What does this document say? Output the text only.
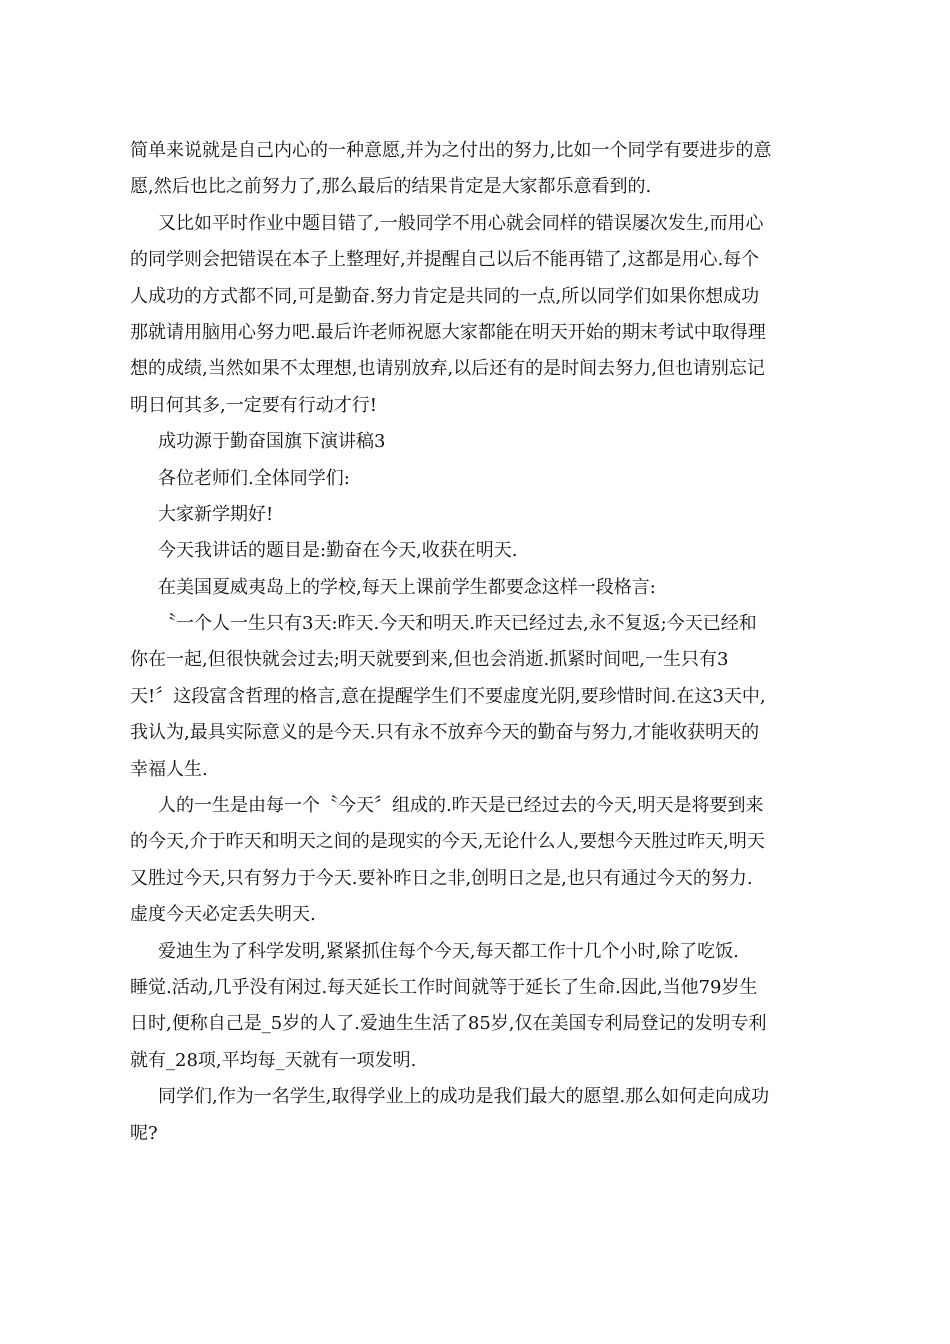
简单来说就是自己内心的一种意愿,并为之付出的努力,比如一个同学有要进步的意
愿,然后也比之前努力了,那么最后的结果肯定是大家都乐意看到的.
又比如平时作业中题目错了,一般同学不用心就会同样的错误屡次发生,而用心
的同学则会把错误在本子上整理好,并提醒自己以后不能再错了,这都是用心.每个
人成功的方式都不同,可是勤奋.努力肯定是共同的一点,所以同学们如果你想成功
那就请用脑用心努力吧.最后许老师祝愿大家都能在明天开始的期末考试中取得理
想的成绩,当然如果不太理想,也请别放弃,以后还有的是时间去努力,但也请别忘记
明日何其多,一定要有行动才行!
成功源于勤奋国旗下演讲稿3
各位老师们.全体同学们:
大家新学期好!
今天我讲话的题目是:勤奋在今天,收获在明天.
在美国夏威夷岛上的学校,每天上课前学生都要念这样一段格言:
〝一个人一生只有3天:昨天.今天和明天.昨天已经过去,永不复返;今天已经和
你在一起,但很快就会过去;明天就要到来,但也会消逝.抓紧时间吧,一生只有3
天!〞这段富含哲理的格言,意在提醒学生们不要虚度光阴,要珍惜时间.在这3天中,
我认为,最具实际意义的是今天.只有永不放弃今天的勤奋与努力,才能收获明天的
幸福人生.
人的一生是由每一个〝今天〞组成的.昨天是已经过去的今天,明天是将要到来
的今天,介于昨天和明天之间的是现实的今天,无论什么人,要想今天胜过昨天,明天
又胜过今天,只有努力于今天.要补昨日之非,创明日之是,也只有通过今天的努力.
虚度今天必定丢失明天.
爱迪生为了科学发明,紧紧抓住每个今天,每天都工作十几个小时,除了吃饭.
睡觉.活动,几乎没有闲过.每天延长工作时间就等于延长了生命.因此,当他79岁生
日时,便称自己是_5岁的人了.爱迪生生活了85岁,仅在美国专利局登记的发明专利
就有_28项,平均每_天就有一项发明.
同学们,作为一名学生,取得学业上的成功是我们最大的愿望.那么如何走向成功
呢?
